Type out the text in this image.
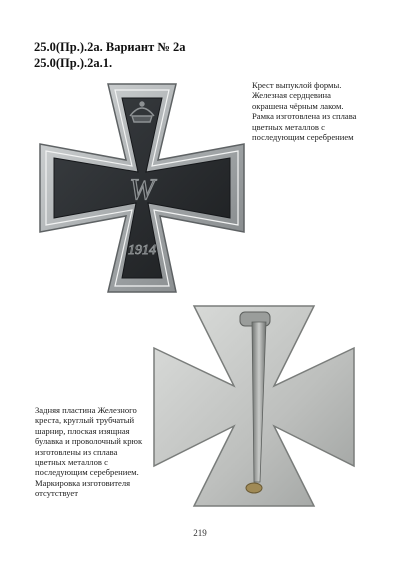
25.0(Пр.).2а. Вариант № 2а
25.0(Пр.).2а.1.
W
1914
Крест выпуклой формы. Железная сердцевина окрашена чёрным лаком. Рамка изготовлена из сплава цветных металлов с последующим серебрением
Задняя пластина Железного креста, круглый трубчатый шарнир, плоская изящная булавка и проволочный крюк изготовлены из сплава цветных металлов с последующим серебрением. Маркировка изготовителя отсутствует
219
